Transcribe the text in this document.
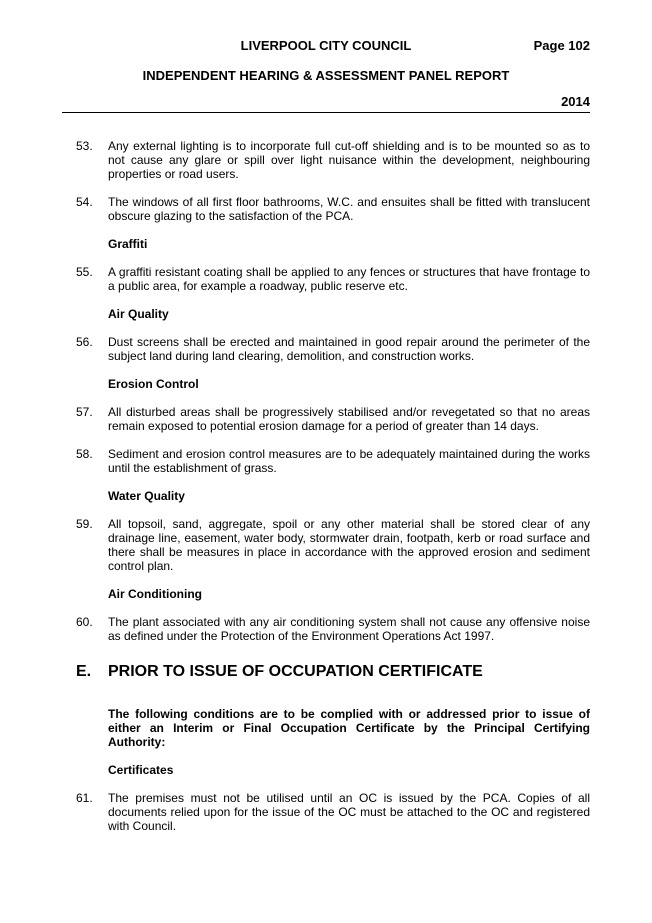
LIVERPOOL CITY COUNCIL	Page 102
INDEPENDENT HEARING & ASSESSMENT PANEL REPORT
2014
53. Any external lighting is to incorporate full cut-off shielding and is to be mounted so as to not cause any glare or spill over light nuisance within the development, neighbouring properties or road users.
54. The windows of all first floor bathrooms, W.C. and ensuites shall be fitted with translucent obscure glazing to the satisfaction of the PCA.
Graffiti
55. A graffiti resistant coating shall be applied to any fences or structures that have frontage to a public area, for example a roadway, public reserve etc.
Air Quality
56. Dust screens shall be erected and maintained in good repair around the perimeter of the subject land during land clearing, demolition, and construction works.
Erosion Control
57. All disturbed areas shall be progressively stabilised and/or revegetated so that no areas remain exposed to potential erosion damage for a period of greater than 14 days.
58. Sediment and erosion control measures are to be adequately maintained during the works until the establishment of grass.
Water Quality
59. All topsoil, sand, aggregate, spoil or any other material shall be stored clear of any drainage line, easement, water body, stormwater drain, footpath, kerb or road surface and there shall be measures in place in accordance with the approved erosion and sediment control plan.
Air Conditioning
60. The plant associated with any air conditioning system shall not cause any offensive noise as defined under the Protection of the Environment Operations Act 1997.
E. PRIOR TO ISSUE OF OCCUPATION CERTIFICATE
The following conditions are to be complied with or addressed prior to issue of either an Interim or Final Occupation Certificate by the Principal Certifying Authority:
Certificates
61. The premises must not be utilised until an OC is issued by the PCA. Copies of all documents relied upon for the issue of the OC must be attached to the OC and registered with Council.
